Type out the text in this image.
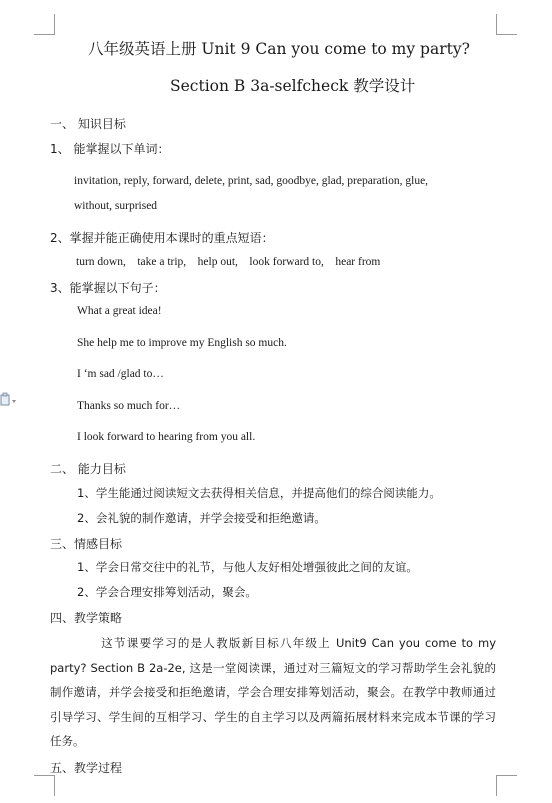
八年级英语上册 Unit 9 Can you come to my party?
Section B 3a-selfcheck 教学设计
一、 知识目标
1、 能掌握以下单词：
invitation, reply, forward, delete, print, sad, goodbye, glad, preparation, glue,
without, surprised
2、掌握并能正确使用本课时的重点短语：
turn down,    take a trip,    help out,    look forward to,    hear from
3、能掌握以下句子：
What a great idea!
She help me to improve my English so much.
I ‘m sad /glad to…
Thanks so much for…
I look forward to hearing from you all.
二、 能力目标
1、学生能通过阅读短文去获得相关信息，并提高他们的综合阅读能力。
2、会礼貌的制作邀请，并学会接受和拒绝邀请。
三、情感目标
1、学会日常交往中的礼节，与他人友好相处增强彼此之间的友谊。
2、学会合理安排筹划活动，聚会。
四、教学策略
这节课要学习的是人教版新目标八年级上 Unit9 Can you come to my party? Section B 2a-2e, 这是一堂阅读课，通过对三篇短文的学习帮助学生会礼貌的制作邀请，并学会接受和拒绝邀请，学会合理安排筹划活动，聚会。在教学中教师通过引导学习、学生间的互相学习、学生的自主学习以及两篇拓展材料来完成本节课的学习任务。
五、教学过程
